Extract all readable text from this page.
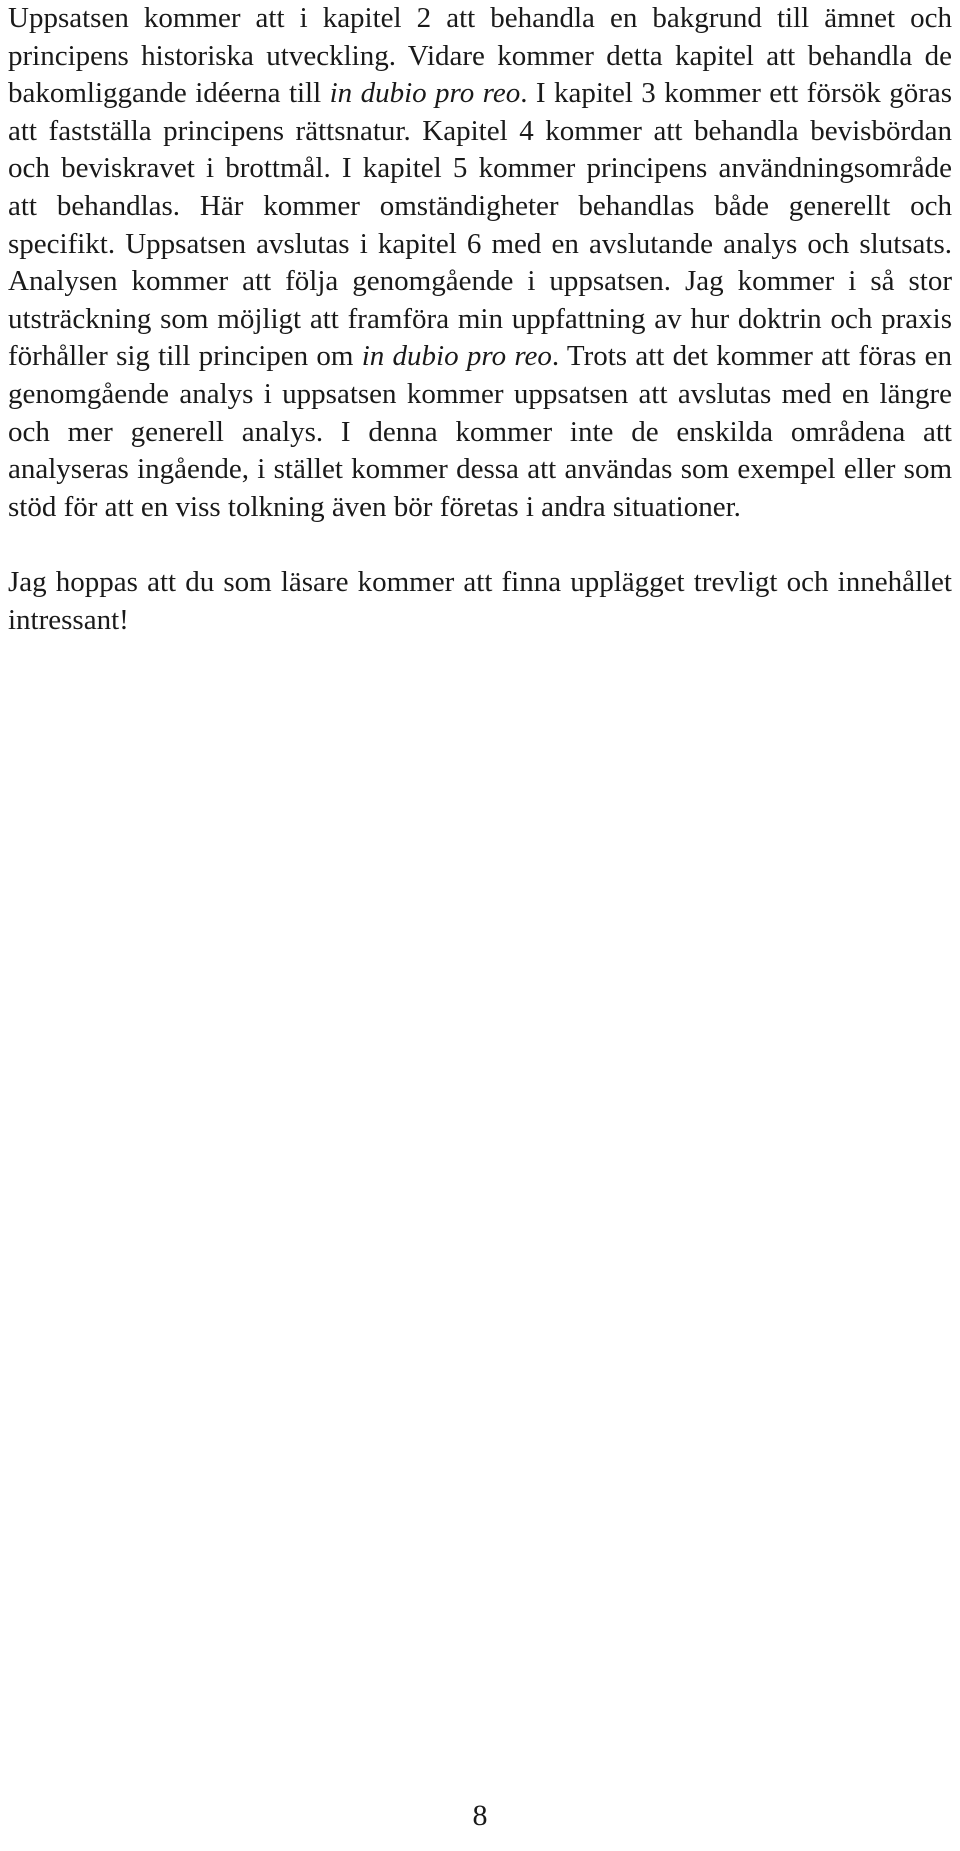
Uppsatsen kommer att i kapitel 2 att behandla en bakgrund till ämnet och principens historiska utveckling. Vidare kommer detta kapitel att behandla de bakomliggande idéerna till in dubio pro reo. I kapitel 3 kommer ett försök göras att fastställa principens rättsnatur. Kapitel 4 kommer att behandla bevisbördan och beviskravet i brottmål. I kapitel 5 kommer principens användningsområde att behandlas. Här kommer omständigheter behandlas både generellt och specifikt. Uppsatsen avslutas i kapitel 6 med en avslutande analys och slutsats. Analysen kommer att följa genomgående i uppsatsen. Jag kommer i så stor utsträckning som möjligt att framföra min uppfattning av hur doktrin och praxis förhåller sig till principen om in dubio pro reo. Trots att det kommer att föras en genomgående analys i uppsatsen kommer uppsatsen att avslutas med en längre och mer generell analys. I denna kommer inte de enskilda områdena att analyseras ingående, i stället kommer dessa att användas som exempel eller som stöd för att en viss tolkning även bör företas i andra situationer.

Jag hoppas att du som läsare kommer att finna upplägget trevligt och innehållet intressant!

8
